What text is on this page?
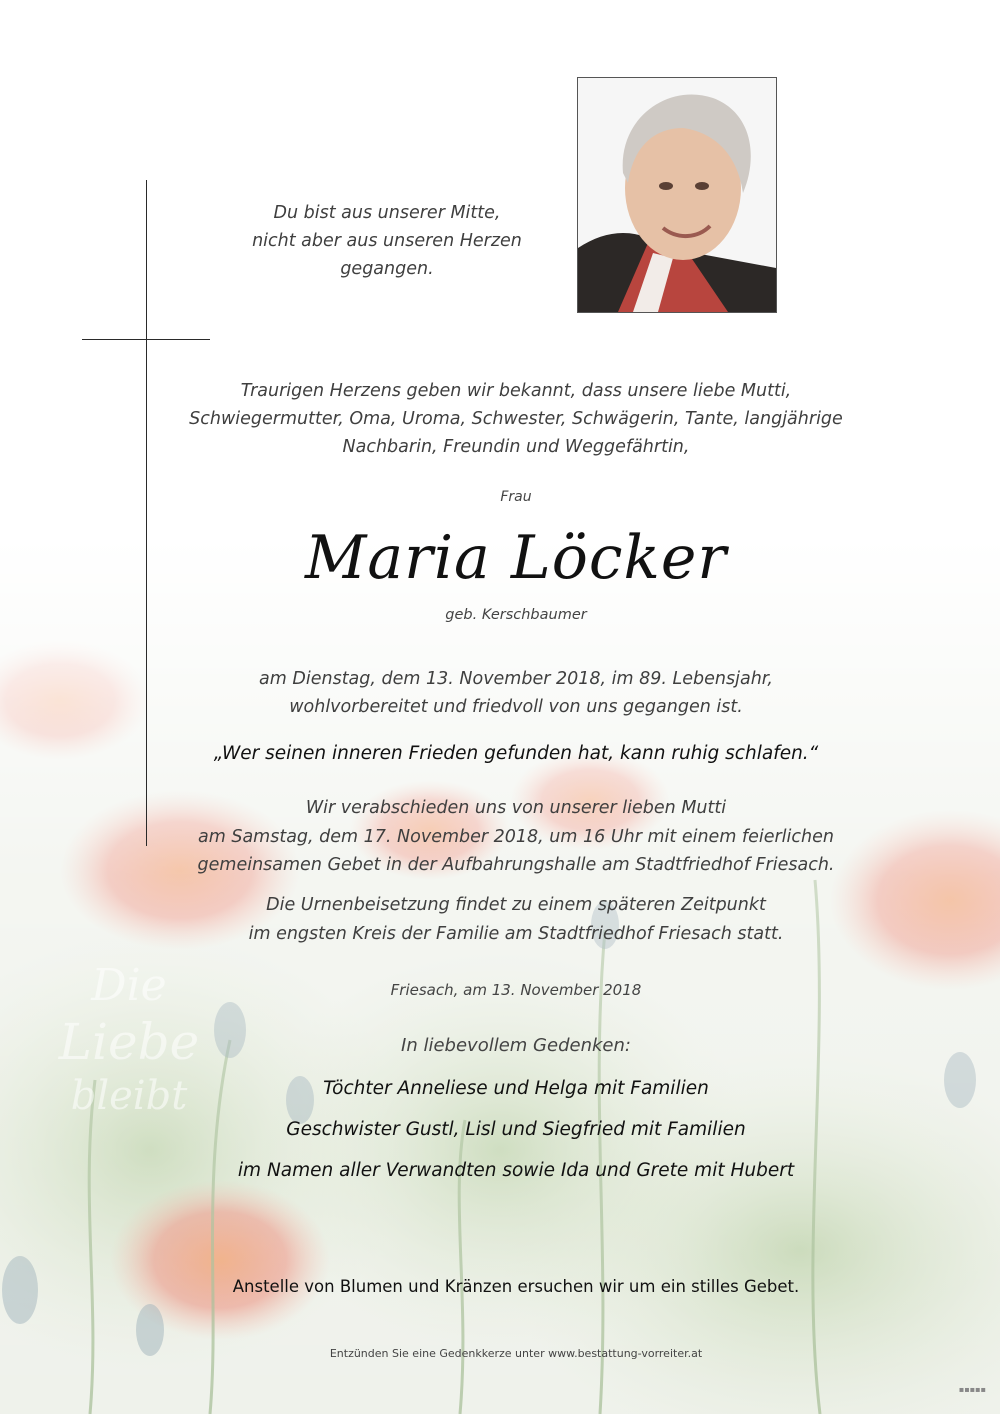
Die
Liebe
bleibt
Du bist aus unserer Mitte,
nicht aber aus unseren Herzen
gegangen.
Traurigen Herzens geben wir bekannt, dass unsere liebe Mutti,
Schwiegermutter, Oma, Uroma, Schwester, Schwägerin, Tante, langjährige
Nachbarin, Freundin und Weggefährtin,
Frau
Maria Löcker
geb. Kerschbaumer
am Dienstag, dem 13. November 2018, im 89. Lebensjahr,
wohlvorbereitet und friedvoll von uns gegangen ist.
„Wer seinen inneren Frieden gefunden hat, kann ruhig schlafen.“
Wir verabschieden uns von unserer lieben Mutti
am Samstag, dem 17. November 2018, um 16 Uhr mit einem feierlichen
gemeinsamen Gebet in der Aufbahrungshalle am Stadtfriedhof Friesach.
Die Urnenbeisetzung findet zu einem späteren Zeitpunkt
im engsten Kreis der Familie am Stadtfriedhof Friesach statt.
Friesach, am 13. November 2018
In liebevollem Gedenken:
Töchter Anneliese und Helga mit Familien
Geschwister Gustl, Lisl und Siegfried mit Familien
im Namen aller Verwandten sowie Ida und Grete mit Hubert
Anstelle von Blumen und Kränzen ersuchen wir um ein stilles Gebet.
Entzünden Sie eine Gedenkkerze unter www.bestattung-vorreiter.at
▪▪▪▪▪
